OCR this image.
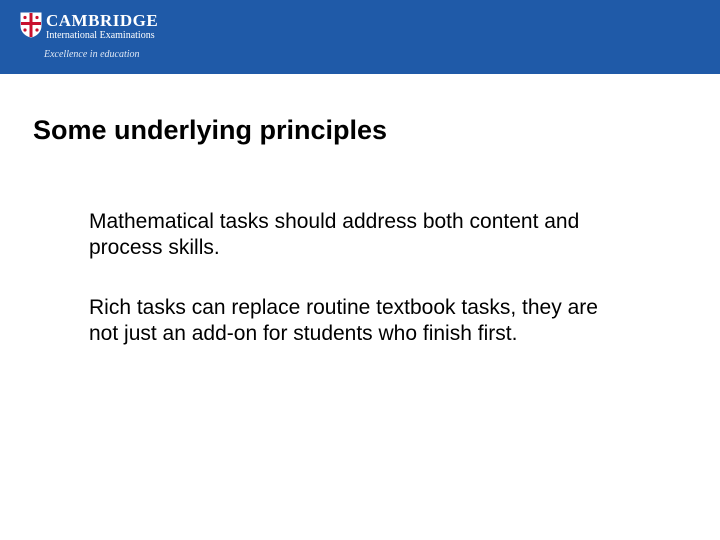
CAMBRIDGE
International Examinations
Excellence in education
Some underlying principles
Mathematical tasks should address both content and process skills.
Rich tasks can replace routine textbook tasks, they are not just an add-on for students who finish first.
